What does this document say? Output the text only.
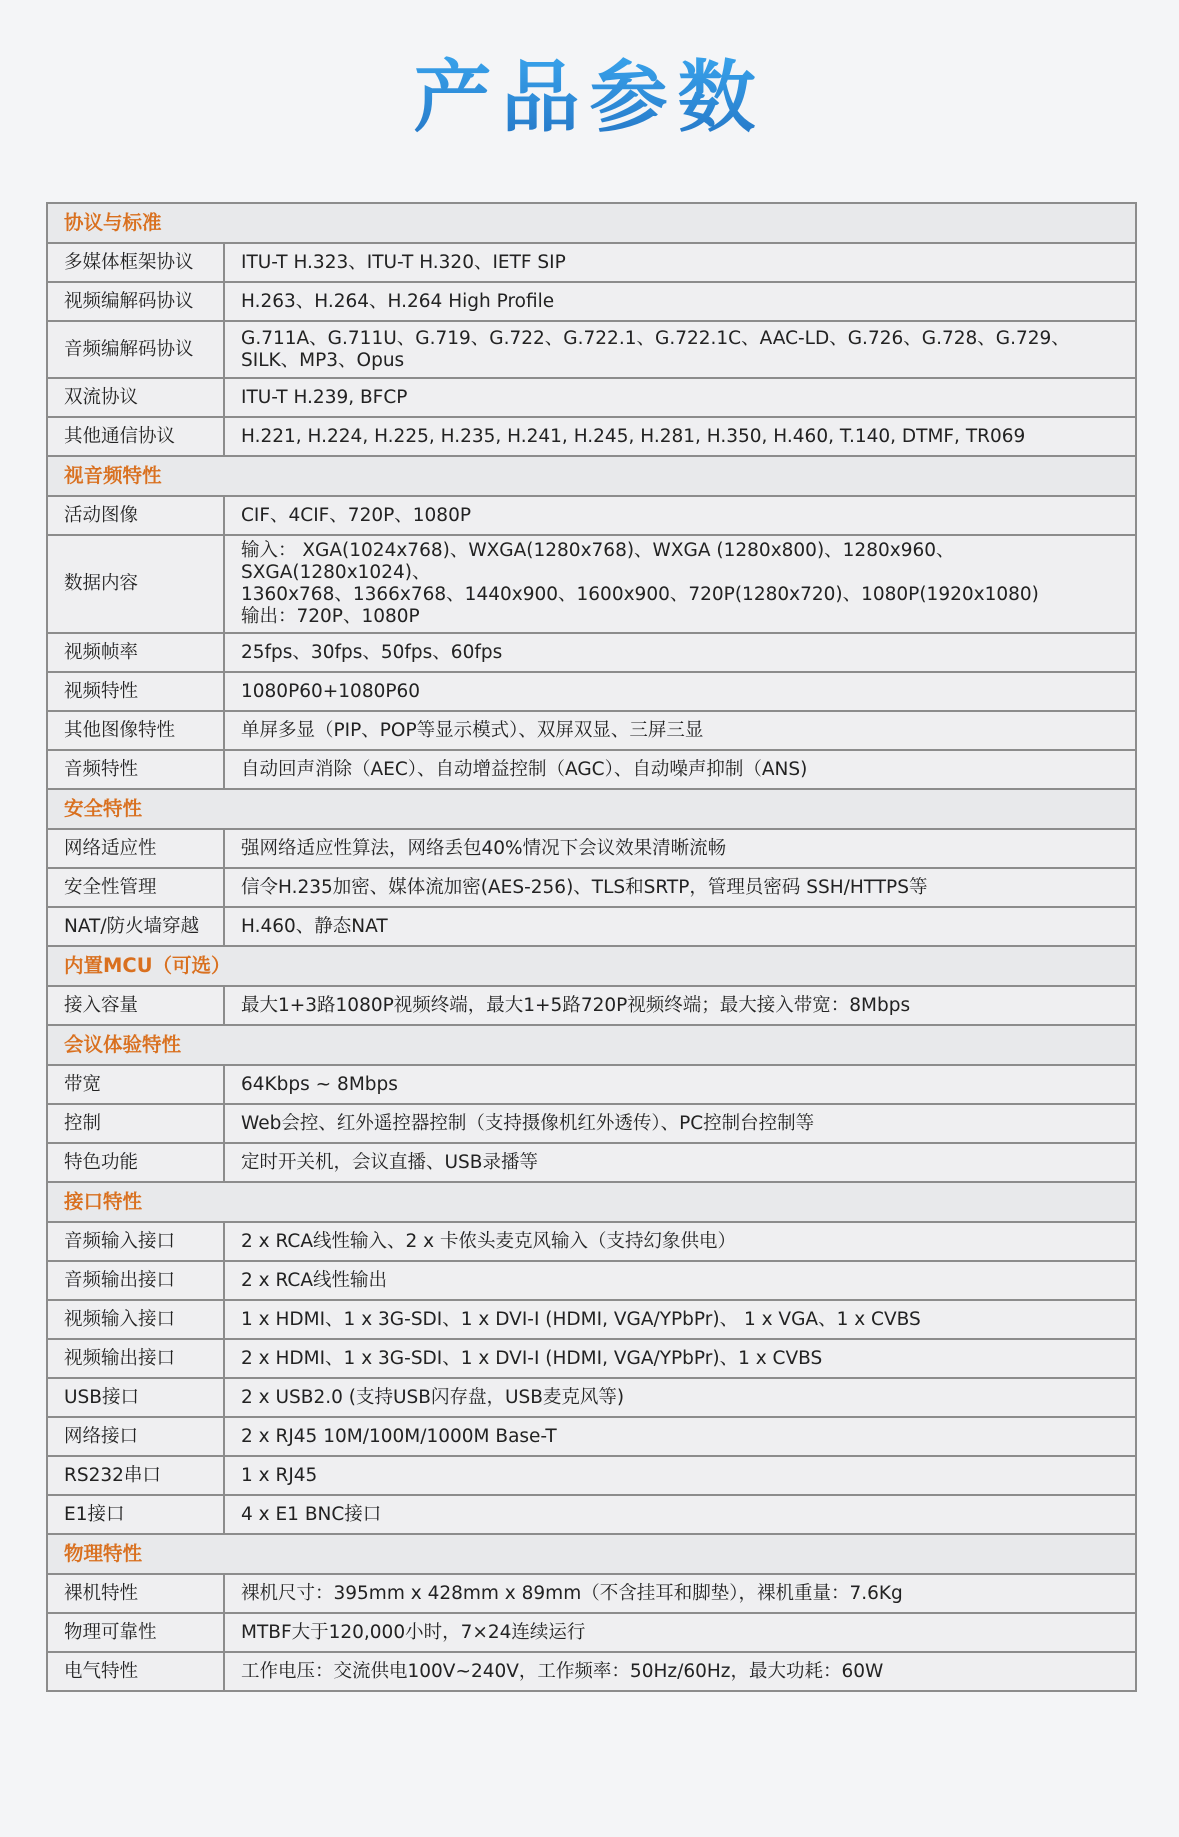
产品参数
协议与标准	
多媒体框架协议	ITU-T H.323、ITU-T H.320、IETF SIP
视频编解码协议	H.263、H.264、H.264 High Profile
音频编解码协议	G.711A、G.711U、G.719、G.722、G.722.1、G.722.1C、AAC-LD、G.726、G.728、G.729、SILK、MP3、Opus
双流协议	ITU-T H.239, BFCP
其他通信协议	H.221, H.224, H.225, H.235, H.241, H.245, H.281, H.350, H.460, T.140, DTMF, TR069
视音频特性	
活动图像	CIF、4CIF、720P、1080P
数据内容	输入： XGA(1024x768)、WXGA(1280x768)、WXGA (1280x800)、1280x960、SXGA(1280x1024)、
1360x768、1366x768、1440x900、1600x900、720P(1280x720)、1080P(1920x1080)
输出：720P、1080P

视频帧率	25fps、30fps、50fps、60fps
视频特性	1080P60+1080P60
其他图像特性	单屏多显（PIP、POP等显示模式）、双屏双显、三屏三显
音频特性	自动回声消除（AEC）、自动增益控制（AGC）、自动噪声抑制（ANS)
安全特性	
网络适应性	强网络适应性算法，网络丢包40%情况下会议效果清晰流畅
安全性管理	信令H.235加密、媒体流加密(AES-256)、TLS和SRTP，管理员密码 SSH/HTTPS等
NAT/防火墙穿越	H.460、静态NAT
内置MCU（可选）	
接入容量	最大1+3路1080P视频终端，最大1+5路720P视频终端；最大接入带宽：8Mbps
会议体验特性	
带宽	64Kbps ~ 8Mbps
控制	Web会控、红外遥控器控制（支持摄像机红外透传）、PC控制台控制等
特色功能	定时开关机，会议直播、USB录播等
接口特性	
音频输入接口	2 x RCA线性输入、2 x 卡侬头麦克风输入（支持幻象供电）
音频输出接口	2 x RCA线性输出
视频输入接口	1 x HDMI、1 x 3G-SDI、1 x DVI-I (HDMI, VGA/YPbPr)、 1 x VGA、1 x CVBS
视频输出接口	2 x HDMI、1 x 3G-SDI、1 x DVI-I (HDMI, VGA/YPbPr)、1 x CVBS
USB接口	2 x USB2.0 (支持USB闪存盘，USB麦克风等)
网络接口	2 x RJ45 10M/100M/1000M Base-T
RS232串口	1 x RJ45
E1接口	4 x E1 BNC接口
物理特性	
裸机特性	裸机尺寸：395mm x 428mm x 89mm（不含挂耳和脚垫），裸机重量：7.6Kg
物理可靠性	MTBF大于120,000小时，7×24连续运行
电气特性	工作电压：交流供电100V~240V，工作频率：50Hz/60Hz，最大功耗：60W
